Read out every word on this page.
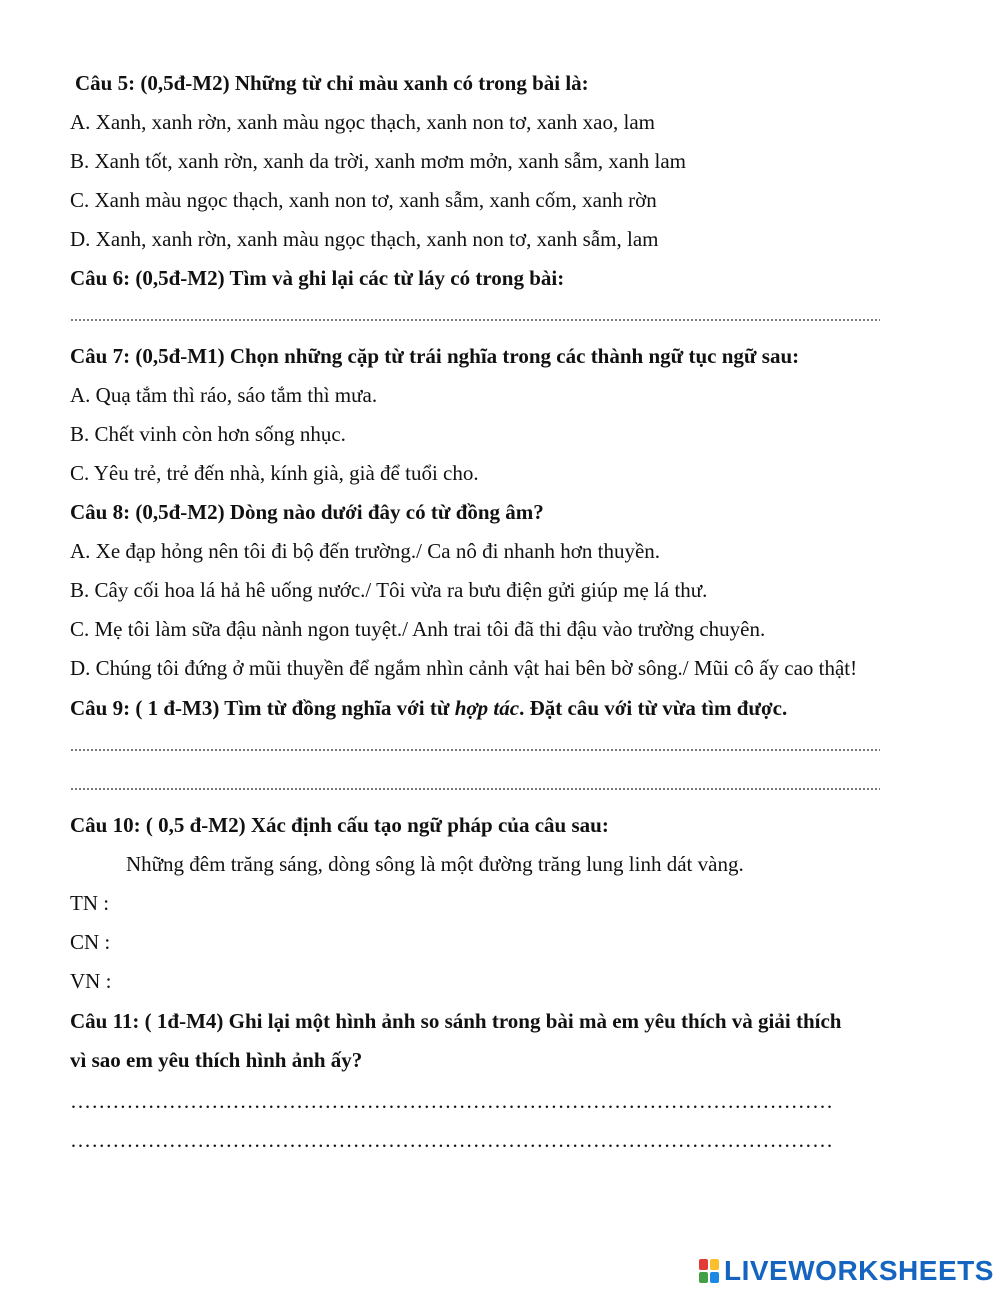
Câu 5: (0,5đ-M2) Những từ chỉ màu xanh có trong bài là:
A. Xanh, xanh rờn, xanh màu ngọc thạch, xanh non tơ, xanh xao, lam
B. Xanh tốt, xanh rờn, xanh da trời, xanh mơm mởn, xanh sẫm, xanh lam
C. Xanh màu ngọc thạch, xanh non tơ, xanh sẫm, xanh cốm, xanh rờn
D. Xanh, xanh rờn, xanh màu ngọc thạch, xanh non tơ, xanh sẫm, lam
Câu 6: (0,5đ-M2) Tìm và ghi lại các từ láy có trong bài:
Câu 7: (0,5đ-M1) Chọn những cặp từ trái nghĩa trong các thành ngữ tục ngữ sau:
A. Quạ tắm thì ráo, sáo tắm thì mưa.
B. Chết vinh còn hơn sống nhục.
C. Yêu trẻ, trẻ đến nhà, kính già, già để tuổi cho.
Câu 8: (0,5đ-M2) Dòng nào dưới đây có từ đồng âm?
A. Xe đạp hỏng nên tôi đi bộ đến trường./ Ca nô đi nhanh hơn thuyền.
B. Cây cối hoa lá hả hê uống nước./ Tôi vừa ra bưu điện gửi giúp mẹ lá thư.
C. Mẹ tôi làm sữa đậu nành ngon tuyệt./ Anh trai tôi đã thi đậu vào trường chuyên.
D. Chúng tôi đứng ở mũi thuyền để ngắm nhìn cảnh vật hai bên bờ sông./ Mũi cô ấy cao thật!
Câu 9: ( 1 đ-M3) Tìm từ đồng nghĩa với từ hợp tác. Đặt câu với từ vừa tìm được.
Câu 10: ( 0,5 đ-M2) Xác định cấu tạo ngữ pháp của câu sau:
Những đêm trăng sáng, dòng sông là một đường trăng lung linh dát vàng.
TN :
CN :
VN :
Câu 11: ( 1đ-M4) Ghi lại một hình ảnh so sánh trong bài mà em yêu thích và giải thích
vì sao em yêu thích hình ảnh ấy?
………………………………………………………………………………………………
………………………………………………………………………………………………
LIVEWORKSHEETS
